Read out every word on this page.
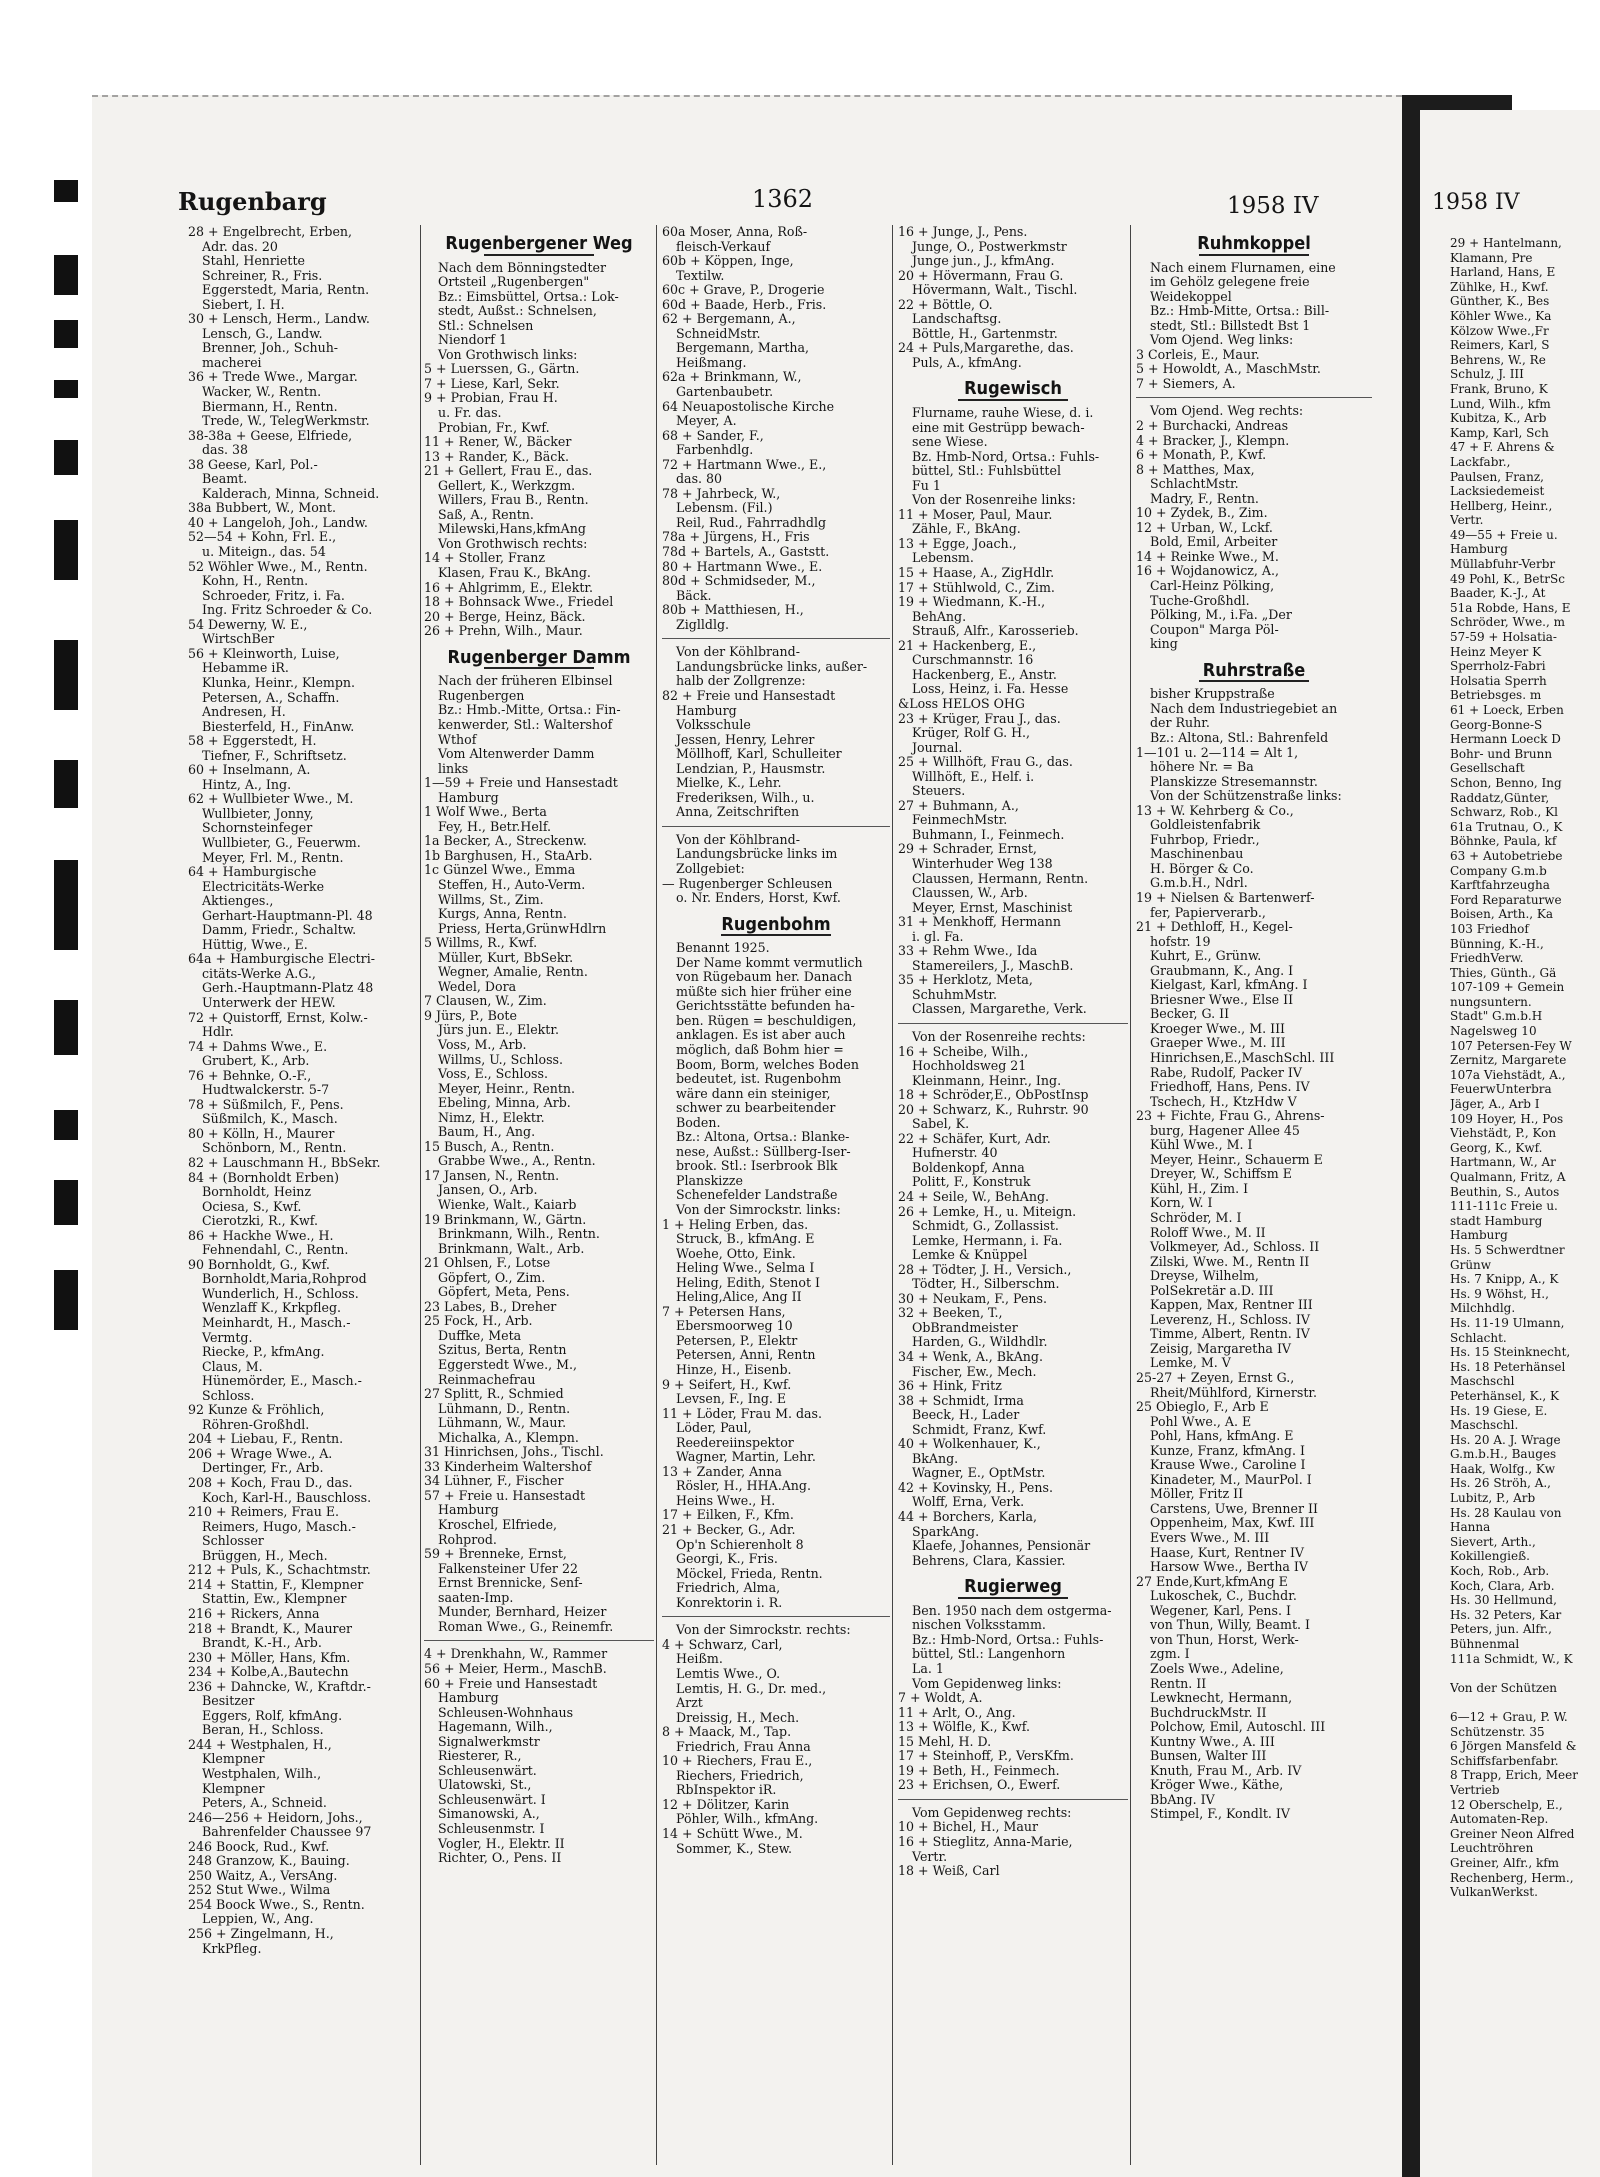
Rugenbarg	1362	1958 IV
28 + Engelbrecht, Erben,
Adr. das. 20
Stahl, Henriette
Schreiner, R., Fris.
Eggerstedt, Maria, Rentn.
Siebert, I. H.
30 + Lensch, Herm., Landw.
Lensch, G., Landw.
Brenner, Joh., Schuh-
macherei
36 + Trede Wwe., Margar.
Wacker, W., Rentn.
Biermann, H., Rentn.
Trede, W., TelegWerkmstr.
38-38a + Geese, Elfriede,
das. 38
38 Geese, Karl, Pol.-
Beamt.
Kalderach, Minna, Schneid.
38a Bubbert, W., Mont.
40 + Langeloh, Joh., Landw.
52—54 + Kohn, Frl. E.,
u. Miteign., das. 54
52 Wöhler Wwe., M., Rentn.
Kohn, H., Rentn.
Schroeder, Fritz, i. Fa.
Ing. Fritz Schroeder & Co.
54 Dewerny, W. E.,
WirtschBer
56 + Kleinworth, Luise,
Hebamme iR.
Klunka, Heinr., Klempn.
Petersen, A., Schaffn.
Andresen, H.
Biesterfeld, H., FinAnw.
58 + Eggerstedt, H.
Tiefner, F., Schriftsetz.
60 + Inselmann, A.
Hintz, A., Ing.
62 + Wullbieter Wwe., M.
Wullbieter, Jonny,
Schornsteinfeger
Wullbieter, G., Feuerwm.
Meyer, Frl. M., Rentn.
64 + Hamburgische
Electricitäts-Werke
Aktienges.,
Gerhart-Hauptmann-Pl. 48
Damm, Friedr., Schaltw.
Hüttig, Wwe., E.
64a + Hamburgische Electri-
citäts-Werke A.G.,
Gerh.-Hauptmann-Platz 48
Unterwerk der HEW.
72 + Quistorff, Ernst, Kolw.-
Hdlr.
74 + Dahms Wwe., E.
Grubert, K., Arb.
76 + Behnke, O.-F.,
Hudtwalckerstr. 5-7
78 + Süßmilch, F., Pens.
Süßmilch, K., Masch.
80 + Kölln, H., Maurer
Schönborn, M., Rentn.
82 + Lauschmann H., BbSekr.
84 + (Bornholdt Erben)
Bornholdt, Heinz
Ociesa, S., Kwf.
Cierotzki, R., Kwf.
86 + Hackhe Wwe., H.
Fehnendahl, C., Rentn.
90 Bornholdt, G., Kwf.
Bornholdt,Maria,Rohprod
Wunderlich, H., Schloss.
Wenzlaff K., Krkpfleg.
Meinhardt, H., Masch.-
Vermtg.
Riecke, P., kfmAng.
Claus, M.
Hünemörder, E., Masch.-
Schloss.
92 Kunze & Fröhlich,
Röhren-Großhdl.
204 + Liebau, F., Rentn.
206 + Wrage Wwe., A.
Dertinger, Fr., Arb.
208 + Koch, Frau D., das.
Koch, Karl-H., Bauschloss.
210 + Reimers, Frau E.
Reimers, Hugo, Masch.-
Schlosser
Brüggen, H., Mech.
212 + Puls, K., Schachtmstr.
214 + Stattin, F., Klempner
Stattin, Ew., Klempner
216 + Rickers, Anna
218 + Brandt, K., Maurer
Brandt, K.-H., Arb.
230 + Möller, Hans, Kfm.
234 + Kolbe,A.,Bautechn
236 + Dahncke, W., Kraftdr.-
Besitzer
Eggers, Rolf, kfmAng.
Beran, H., Schloss.
244 + Westphalen, H.,
Klempner
Westphalen, Wilh.,
Klempner
Peters, A., Schneid.
246—256 + Heidorn, Johs.,
Bahrenfelder Chaussee 97
246 Boock, Rud., Kwf.
248 Granzow, K., Bauing.
250 Waitz, A., VersAng.
252 Stut Wwe., Wilma
254 Boock Wwe., S., Rentn.
Leppien, W., Ang.
256 + Zingelmann, H.,
KrkPfleg.
Rugenbergener Weg
Nach dem Bönningstedter
Ortsteil „Rugenbergen"
Bz.: Eimsbüttel, Ortsa.: Lok-
stedt, Außst.: Schnelsen,
Stl.: Schnelsen
Niendorf 1
Von Grothwisch links:
5 + Luerssen, G., Gärtn.
7 + Liese, Karl, Sekr.
9 + Probian, Frau H.
u. Fr. das.
Probian, Fr., Kwf.
11 + Rener, W., Bäcker
13 + Rander, K., Bäck.
21 + Gellert, Frau E., das.
Gellert, K., Werkzgm.
Willers, Frau B., Rentn.
Saß, A., Rentn.
Milewski,Hans,kfmAng
Von Grothwisch rechts:
14 + Stoller, Franz
Klasen, Frau K., BkAng.
16 + Ahlgrimm, E., Elektr.
18 + Bohnsack Wwe., Friedel
20 + Berge, Heinz, Bäck.
26 + Prehn, Wilh., Maur.
Rugenberger Damm
Nach der früheren Elbinsel
Rugenbergen
Bz.: Hmb.-Mitte, Ortsa.: Fin-
kenwerder, Stl.: Waltershof
Wthof
Vom Altenwerder Damm
links
1—59 + Freie und Hansestadt
Hamburg
1 Wolf Wwe., Berta
Fey, H., Betr.Helf.
1a Becker, A., Streckenw.
1b Barghusen, H., StaArb.
1c Günzel Wwe., Emma
Steffen, H., Auto-Verm.
Willms, St., Zim.
Kurgs, Anna, Rentn.
Priess, Herta,GrünwHdlrn
5 Willms, R., Kwf.
Müller, Kurt, BbSekr.
Wegner, Amalie, Rentn.
Wedel, Dora
7 Clausen, W., Zim.
9 Jürs, P., Bote
Jürs jun. E., Elektr.
Voss, M., Arb.
Willms, U., Schloss.
Voss, E., Schloss.
Meyer, Heinr., Rentn.
Ebeling, Minna, Arb.
Nimz, H., Elektr.
Baum, H., Ang.
15 Busch, A., Rentn.
Grabbe Wwe., A., Rentn.
17 Jansen, N., Rentn.
Jansen, O., Arb.
Wienke, Walt., Kaiarb
19 Brinkmann, W., Gärtn.
Brinkmann, Wilh., Rentn.
Brinkmann, Walt., Arb.
21 Ohlsen, F., Lotse
Göpfert, O., Zim.
Göpfert, Meta, Pens.
23 Labes, B., Dreher
25 Fock, H., Arb.
Duffke, Meta
Szitus, Berta, Rentn
Eggerstedt Wwe., M.,
Reinmachefrau
27 Splitt, R., Schmied
Lühmann, D., Rentn.
Lühmann, W., Maur.
Michalka, A., Klempn.
31 Hinrichsen, Johs., Tischl.
33 Kinderheim Waltershof
34 Lühner, F., Fischer
57 + Freie u. Hansestadt
Hamburg
Kroschel, Elfriede,
Rohprod.
59 + Brenneke, Ernst,
Falkensteiner Ufer 22
Ernst Brennicke, Senf-
saaten-Imp.
Munder, Bernhard, Heizer
Roman Wwe., G., Reinemfr.
4 + Drenkhahn, W., Rammer
56 + Meier, Herm., MaschB.
60 + Freie und Hansestadt
Hamburg
Schleusen-Wohnhaus
Hagemann, Wilh.,
Signalwerkmstr
Riesterer, R.,
Schleusenwärt.
Ulatowski, St.,
Schleusenwärt. I
Simanowski, A.,
Schleusenmstr. I
Vogler, H., Elektr. II
Richter, O., Pens. II
60a Moser, Anna, Roß-
fleisch-Verkauf
60b + Köppen, Inge,
Textilw.
60c + Grave, P., Drogerie
60d + Baade, Herb., Fris.
62 + Bergemann, A.,
SchneidMstr.
Bergemann, Martha,
Heißmang.
62a + Brinkmann, W.,
Gartenbaubetr.
64 Neuapostolische Kirche
Meyer, A.
68 + Sander, F.,
Farbenhdlg.
72 + Hartmann Wwe., E.,
das. 80
78 + Jahrbeck, W.,
Lebensm. (Fil.)
Reil, Rud., Fahrradhdlg
78a + Jürgens, H., Fris
78d + Bartels, A., Gaststt.
80 + Hartmann Wwe., E.
80d + Schmidseder, M.,
Bäck.
80b + Matthiesen, H.,
Ziglldlg.
Von der Köhlbrand-
Landungsbrücke links, außer-
halb der Zollgrenze:
82 + Freie und Hansestadt
Hamburg
Volksschule
Jessen, Henry, Lehrer
Möllhoff, Karl, Schulleiter
Lendzian, P., Hausmstr.
Mielke, K., Lehr.
Frederiksen, Wilh., u.
Anna, Zeitschriften
Von der Köhlbrand-
Landungsbrücke links im
Zollgebiet:
— Rugenberger Schleusen
o. Nr. Enders, Horst, Kwf.
Rugenbohm
Benannt 1925.
Der Name kommt vermutlich
von Rügebaum her. Danach
müßte sich hier früher eine
Gerichtsstätte befunden ha-
ben. Rügen = beschuldigen,
anklagen. Es ist aber auch
möglich, daß Bohm hier =
Boom, Borm, welches Boden
bedeutet, ist. Rugenbohm
wäre dann ein steiniger,
schwer zu bearbeitender
Boden.
Bz.: Altona, Ortsa.: Blanke-
nese, Außst.: Süllberg-Iser-
brook. Stl.: Iserbrook Blk
Planskizze
Schenefelder Landstraße
Von der Simrockstr. links:
1 + Heling Erben, das.
Struck, B., kfmAng. E
Woehe, Otto, Eink.
Heling Wwe., Selma I
Heling, Edith, Stenot I
Heling,Alice, Ang II
7 + Petersen Hans,
Ebersmoorweg 10
Petersen, P., Elektr
Petersen, Anni, Rentn
Hinze, H., Eisenb.
9 + Seifert, H., Kwf.
Levsen, F., Ing. E
11 + Löder, Frau M. das.
Löder, Paul,
Reedereiinspektor
Wagner, Martin, Lehr.
13 + Zander, Anna
Rösler, H., HHA.Ang.
Heins Wwe., H.
17 + Eilken, F., Kfm.
21 + Becker, G., Adr.
Op'n Schierenholt 8
Georgi, K., Fris.
Möckel, Frieda, Rentn.
Friedrich, Alma,
Konrektorin i. R.
Von der Simrockstr. rechts:
4 + Schwarz, Carl,
Heißm.
Lemtis Wwe., O.
Lemtis, H. G., Dr. med.,
Arzt
Dreissig, H., Mech.
8 + Maack, M., Tap.
Friedrich, Frau Anna
10 + Riechers, Frau E.,
Riechers, Friedrich,
RbInspektor iR.
12 + Dölitzer, Karin
Pöhler, Wilh., kfmAng.
14 + Schütt Wwe., M.
Sommer, K., Stew.
16 + Junge, J., Pens.
Junge, O., Postwerkmstr
Junge jun., J., kfmAng.
20 + Hövermann, Frau G.
Hövermann, Walt., Tischl.
22 + Böttle, O.
Landschaftsg.
Böttle, H., Gartenmstr.
24 + Puls,Margarethe, das.
Puls, A., kfmAng.
Rugewisch
Flurname, rauhe Wiese, d. i.
eine mit Gestrüpp bewach-
sene Wiese.
Bz. Hmb-Nord, Ortsa.: Fuhls-
büttel, Stl.: Fuhlsbüttel
Fu 1
Von der Rosenreihe links:
11 + Moser, Paul, Maur.
Zähle, F., BkAng.
13 + Egge, Joach.,
Lebensm.
15 + Haase, A., ZigHdlr.
17 + Stühlwold, C., Zim.
19 + Wiedmann, K.-H.,
BehAng.
Strauß, Alfr., Karosserieb.
21 + Hackenberg, E.,
Curschmannstr. 16
Hackenberg, E., Anstr.
Loss, Heinz, i. Fa. Hesse
&Loss HELOS OHG
23 + Krüger, Frau J., das.
Krüger, Rolf G. H.,
Journal.
25 + Willhöft, Frau G., das.
Willhöft, E., Helf. i.
Steuers.
27 + Buhmann, A.,
FeinmechMstr.
Buhmann, I., Feinmech.
29 + Schrader, Ernst,
Winterhuder Weg 138
Claussen, Hermann, Rentn.
Claussen, W., Arb.
Meyer, Ernst, Maschinist
31 + Menkhoff, Hermann
i. gl. Fa.
33 + Rehm Wwe., Ida
Stamereilers, J., MaschB.
35 + Herklotz, Meta,
SchuhmMstr.
Classen, Margarethe, Verk.
Von der Rosenreihe rechts:
16 + Scheibe, Wilh.,
Hochholdsweg 21
Kleinmann, Heinr., Ing.
18 + Schröder,E., ObPostInsp
20 + Schwarz, K., Ruhrstr. 90
Sabel, K.
22 + Schäfer, Kurt, Adr.
Hufnerstr. 40
Boldenkopf, Anna
Politt, F., Konstruk
24 + Seile, W., BehAng.
26 + Lemke, H., u. Miteign.
Schmidt, G., Zollassist.
Lemke, Hermann, i. Fa.
Lemke & Knüppel
28 + Tödter, J. H., Versich.,
Tödter, H., Silberschm.
30 + Neukam, F., Pens.
32 + Beeken, T.,
ObBrandmeister
Harden, G., Wildhdlr.
34 + Wenk, A., BkAng.
Fischer, Ew., Mech.
36 + Hink, Fritz
38 + Schmidt, Irma
Beeck, H., Lader
Schmidt, Franz, Kwf.
40 + Wolkenhauer, K.,
BkAng.
Wagner, E., OptMstr.
42 + Kovinsky, H., Pens.
Wolff, Erna, Verk.
44 + Borchers, Karla,
SparkAng.
Klaefe, Johannes, Pensionär
Behrens, Clara, Kassier.
Rugierweg
Ben. 1950 nach dem ostgerma-
nischen Volksstamm.
Bz.: Hmb-Nord, Ortsa.: Fuhls-
büttel, Stl.: Langenhorn
La. 1
Vom Gepidenweg links:
7 + Woldt, A.
11 + Arlt, O., Ang.
13 + Wölfle, K., Kwf.
15 Mehl, H. D.
17 + Steinhoff, P., VersKfm.
19 + Beth, H., Feinmech.
23 + Erichsen, O., Ewerf.
Vom Gepidenweg rechts:
10 + Bichel, H., Maur
16 + Stieglitz, Anna-Marie,
Vertr.
18 + Weiß, Carl
Ruhmkoppel
Nach einem Flurnamen, eine
im Gehölz gelegene freie
Weidekoppel
Bz.: Hmb-Mitte, Ortsa.: Bill-
stedt, Stl.: Billstedt Bst 1
Vom Ojend. Weg links:
3 Corleis, E., Maur.
5 + Howoldt, A., MaschMstr.
7 + Siemers, A.
Vom Ojend. Weg rechts:
2 + Burchacki, Andreas
4 + Bracker, J., Klempn.
6 + Monath, P., Kwf.
8 + Matthes, Max,
SchlachtMstr.
Madry, F., Rentn.
10 + Zydek, B., Zim.
12 + Urban, W., Lckf.
Bold, Emil, Arbeiter
14 + Reinke Wwe., M.
16 + Wojdanowicz, A.,
Carl-Heinz Pölking,
Tuche-Großhdl.
Pölking, M., i.Fa. „Der
Coupon" Marga Pöl-
king
Ruhrstraße
bisher Kruppstraße
Nach dem Industriegebiet an
der Ruhr.
Bz.: Altona, Stl.: Bahrenfeld
1—101 u. 2—114 = Alt 1,
höhere Nr. = Ba
Planskizze Stresemannstr.
Von der Schützenstraße links:
13 + W. Kehrberg & Co.,
Goldleistenfabrik
Fuhrbop, Friedr.,
Maschinenbau
H. Börger & Co.
G.m.b.H., Ndrl.
19 + Nielsen & Bartenwerf-
fer, Papierverarb.,
21 + Dethloff, H., Kegel-
hofstr. 19
Kuhrt, E., Grünw.
Graubmann, K., Ang. I
Kielgast, Karl, kfmAng. I
Briesner Wwe., Else II
Becker, G. II
Kroeger Wwe., M. III
Graeper Wwe., M. III
Hinrichsen,E.,MaschSchl. III
Rabe, Rudolf, Packer IV
Friedhoff, Hans, Pens. IV
Tschech, H., KtzHdw V
23 + Fichte, Frau G., Ahrens-
burg, Hagener Allee 45
Kühl Wwe., M. I
Meyer, Heinr., Schauerm E
Dreyer, W., Schiffsm E
Kühl, H., Zim. I
Korn, W. I
Schröder, M. I
Roloff Wwe., M. II
Volkmeyer, Ad., Schloss. II
Zilski, Wwe. M., Rentn II
Dreyse, Wilhelm,
PolSekretär a.D. III
Kappen, Max, Rentner III
Leverenz, H., Schloss. IV
Timme, Albert, Rentn. IV
Zeisig, Margaretha IV
Lemke, M. V
25-27 + Zeyen, Ernst G.,
Rheit/Mühlford, Kirnerstr.
25 Obieglo, F., Arb E
Pohl Wwe., A. E
Pohl, Hans, kfmAng. E
Kunze, Franz, kfmAng. I
Krause Wwe., Caroline I
Kinadeter, M., MaurPol. I
Möller, Fritz II
Carstens, Uwe, Brenner II
Oppenheim, Max, Kwf. III
Evers Wwe., M. III
Haase, Kurt, Rentner IV
Harsow Wwe., Bertha IV
27 Ende,Kurt,kfmAng E
Lukoschek, C., Buchdr.
Wegener, Karl, Pens. I
von Thun, Willy, Beamt. I
von Thun, Horst, Werk-
zgm. I
Zoels Wwe., Adeline,
Rentn. II
Lewknecht, Hermann,
BuchdruckMstr. II
Polchow, Emil, Autoschl. III
Kuntny Wwe., A. III
Bunsen, Walter III
Knuth, Frau M., Arb. IV
Kröger Wwe., Käthe,
BbAng. IV
Stimpel, F., Kondlt. IV
1958 IV
29 + Hantelmann,
Klamann, Pre
Harland, Hans, E
Zühlke, H., Kwf.
Günther, K., Bes
Köhler Wwe., Ka
Kölzow Wwe.,Fr
Reimers, Karl, S
Behrens, W., Re
Schulz, J. III
Frank, Bruno, K
Lund, Wilh., kfm
Kubitza, K., Arb
Kamp, Karl, Sch
47 + F. Ahrens &
Lackfabr.,
Paulsen, Franz,
Lacksiedemeist
Hellberg, Heinr.,
Vertr.
49—55 + Freie u.
Hamburg
Müllabfuhr-Verbr
49 Pohl, K., BetrSc
Baader, K.-J., At
51a Robde, Hans, E
Schröder, Wwe., m
57-59 + Holsatia-
Heinz Meyer K
Sperrholz-Fabri
Holsatia Sperrh
Betriebsges. m
61 + Loeck, Erben
Georg-Bonne-S
Hermann Loeck D
Bohr- und Brunn
Gesellschaft
Schon, Benno, Ing
Raddatz,Günter,
Schwarz, Rob., Kl
61a Trutnau, O., K
Böhnke, Paula, kf
63 + Autobetriebe
Company G.m.b
Karftfahrzeugha
Ford Reparaturwe
Boisen, Arth., Ka
103 Friedhof
Bünning, K.-H.,
FriedhVerw.
Thies, Günth., Gä
107-109 + Gemein
nungsuntern.
Stadt" G.m.b.H
Nagelsweg 10
107 Petersen-Fey W
Zernitz, Margarete
107a Viehstädt, A.,
FeuerwUnterbra
Jäger, A., Arb I
109 Hoyer, H., Pos
Viehstädt, P., Kon
Georg, K., Kwf.
Hartmann, W., Ar
Qualmann, Fritz, A
Beuthin, S., Autos
111-111c Freie u.
stadt Hamburg
Hamburg
Hs. 5 Schwerdtner
Grünw
Hs. 7 Knipp, A., K
Hs. 9 Wöhst, H.,
Milchhdlg.
Hs. 11-19 Ulmann,
Schlacht.
Hs. 15 Steinknecht,
Hs. 18 Peterhänsel
Maschschl
Peterhänsel, K., K
Hs. 19 Giese, E.
Maschschl.
Hs. 20 A. J. Wrage
G.m.b.H., Bauges
Haak, Wolfg., Kw
Hs. 26 Ströh, A.,
Lubitz, P., Arb
Hs. 28 Kaulau von
Hanna
Sievert, Arth.,
Kokillengieß.
Koch, Rob., Arb.
Koch, Clara, Arb.
Hs. 30 Hellmund,
Hs. 32 Peters, Kar
Peters, jun. Alfr.,
Bühnenmal
111a Schmidt, W., K

Von der Schützen

6—12 + Grau, P. W.
Schützenstr. 35
6 Jörgen Mansfeld &
Schiffsfarbenfabr.
8 Trapp, Erich, Meer
Vertrieb
12 Oberschelp, E.,
Automaten-Rep.
Greiner Neon Alfred
Leuchtröhren
Greiner, Alfr., kfm
Rechenberg, Herm.,
VulkanWerkst.
